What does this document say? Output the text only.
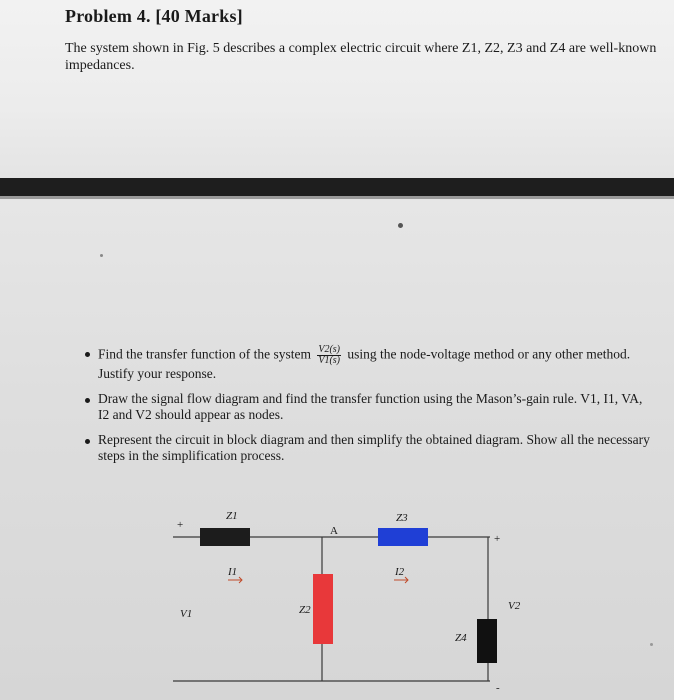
Problem 4. [40 Marks]

The system shown in Fig. 5 describes a complex electric circuit where Z1, Z2, Z3 and Z4 are well-known impedances.

Find the transfer function of the system $\frac{V2(s)}{V1(s)}$ using the node-voltage method or any other method. Justify your response.
Draw the signal flow diagram and find the transfer function using the Mason’s-gain rule. V1, I1, VA, I2 and V2 should appear as nodes.
Represent the circuit in block diagram and then simplify the obtained diagram. Show all the necessary steps in the simplification process.
Z1	Z3
A
+
+
I1	I2
V1	Z2	V2
Z4
-
